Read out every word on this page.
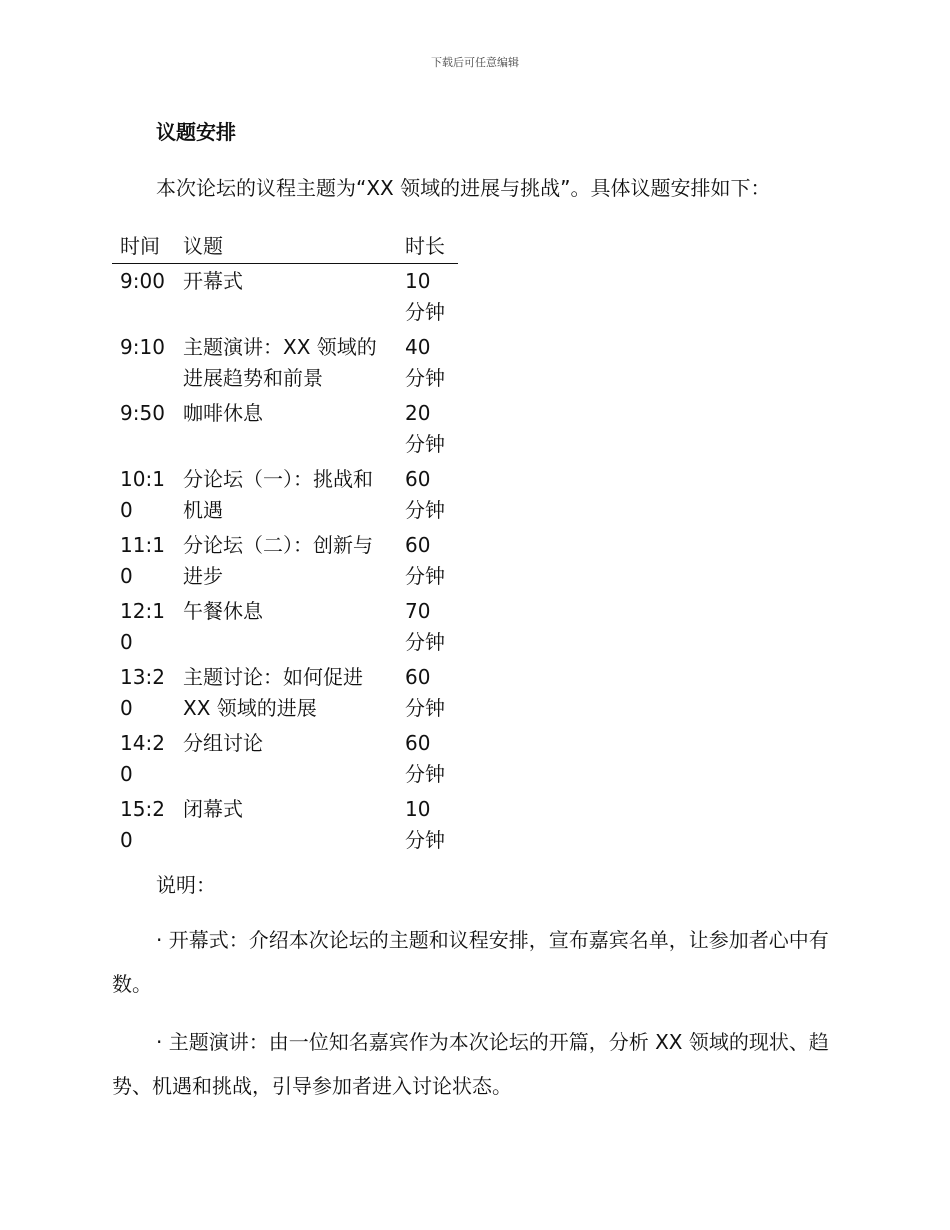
下载后可任意编辑
议题安排
本次论坛的议程主题为“XX 领域的进展与挑战”。具体议题安排如下：
时间	议题	时长
9:00	开幕式	10 分钟
9:10	主题演讲：XX 领域的进展趋势和前景	40 分钟
9:50	咖啡休息	20 分钟
10:10	分论坛（一）：挑战和机遇	60 分钟
11:10	分论坛（二）：创新与进步	60 分钟
12:10	午餐休息	70 分钟
13:20	主题讨论：如何促进 XX 领域的进展	60 分钟
14:20	分组讨论	60 分钟
15:20	闭幕式	10 分钟
说明：
· 开幕式：介绍本次论坛的主题和议程安排，宣布嘉宾名单，让参加者心中有数。
· 主题演讲：由一位知名嘉宾作为本次论坛的开篇，分析 XX 领域的现状、趋势、机遇和挑战，引导参加者进入讨论状态。
